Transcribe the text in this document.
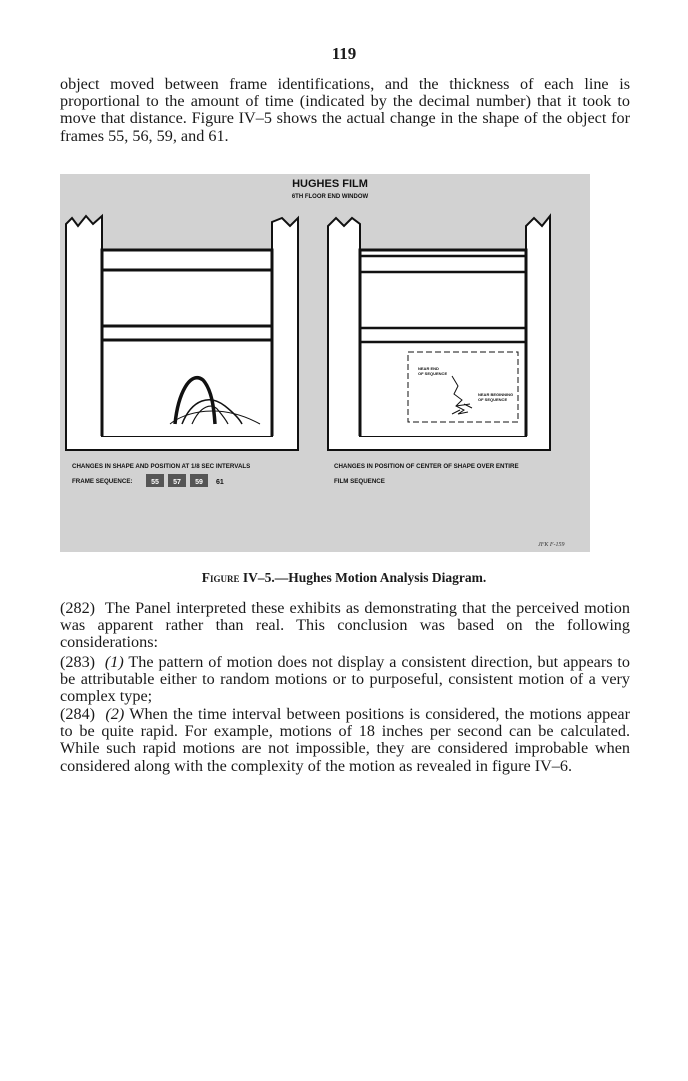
119

object moved between frame identifications, and the thickness of each line is proportional to the amount of time (indicated by the decimal number) that it took to move that distance. Figure IV–5 shows the actual change in the shape of the object for frames 55, 56, 59, and 61.

HUGHES FILM
6TH FLOOR END WINDOW
NEAR END
OF SEQUENCE
NEAR BEGINNING
OF SEQUENCE
CHANGES IN SHAPE AND POSITION AT 1/8 SEC INTERVALS
FRAME SEQUENCE:	55 57 59 61
CHANGES IN POSITION OF CENTER OF SHAPE OVER ENTIRE
FILM SEQUENCE
JFK F-159
Figure IV–5.—Hughes Motion Analysis Diagram.

(282) The Panel interpreted these exhibits as demonstrating that the perceived motion was apparent rather than real. This conclusion was based on the following considerations:

(283) (1) The pattern of motion does not display a consistent direction, but appears to be attributable either to random motions or to purposeful, consistent motion of a very complex type;

(284) (2) When the time interval between positions is considered, the motions appear to be quite rapid. For example, motions of 18 inches per second can be calculated. While such rapid motions are not impossible, they are considered improbable when considered along with the complexity of the motion as revealed in figure IV–6.
